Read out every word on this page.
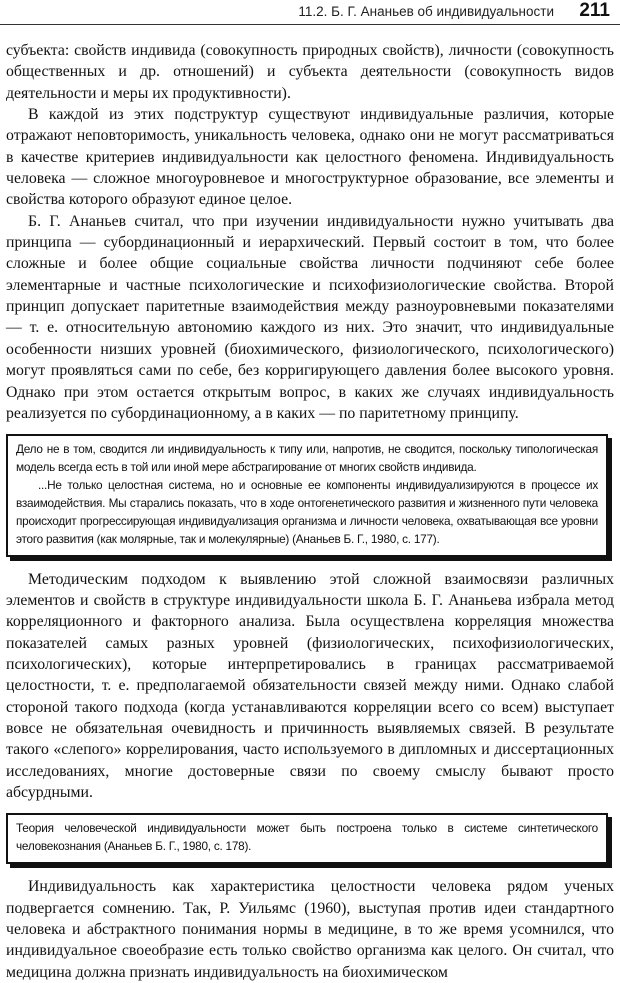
11.2. Б. Г. Ананьев об индивидуальности 211

субъекта: свойств индивида (совокупность природных свойств), личности (совокупность общественных и др. отношений) и субъекта деятельности (совокупность видов деятельности и меры их продуктивности).

В каждой из этих подструктур существуют индивидуальные различия, которые отражают неповторимость, уникальность человека, однако они не могут рассматриваться в качестве критериев индивидуальности как целостного феномена. Индивидуальность человека — сложное многоуровневое и многоструктурное образование, все элементы и свойства которого образуют единое целое.

Б. Г. Ананьев считал, что при изучении индивидуальности нужно учитывать два принципа — субординационный и иерархический. Первый состоит в том, что более сложные и более общие социальные свойства личности подчиняют себе более элементарные и частные психологические и психофизиологические свойства. Второй принцип допускает паритетные взаимодействия между разноуровневыми показателями — т. е. относительную автономию каждого из них. Это значит, что индивидуальные особенности низших уровней (биохимического, физиологического, психологического) могут проявляться сами по себе, без корригирующего давления более высокого уровня. Однако при этом остается открытым вопрос, в каких же случаях индивидуальность реализуется по субординационному, а в каких — по паритетному принципу.

Дело не в том, сводится ли индивидуальность к типу или, напротив, не сводится, поскольку типологическая модель всегда есть в той или иной мере абстрагирование от многих свойств индивида.

...Не только целостная система, но и основные ее компоненты индивидуализируются в процессе их взаимодействия. Мы старались показать, что в ходе онтогенетического развития и жизненного пути человека происходит прогрессирующая индивидуализация организма и личности человека, охватывающая все уровни этого развития (как молярные, так и молекулярные) (Ананьев Б. Г., 1980, с. 177).

Методическим подходом к выявлению этой сложной взаимосвязи различных элементов и свойств в структуре индивидуальности школа Б. Г. Ананьева избрала метод корреляционного и факторного анализа. Была осуществлена корреляция множества показателей самых разных уровней (физиологических, психофизиологических, психологических), которые интерпретировались в границах рассматриваемой целостности, т. е. предполагаемой обязательности связей между ними. Однако слабой стороной такого подхода (когда устанавливаются корреляции всего со всем) выступает вовсе не обязательная очевидность и причинность выявляемых связей. В результате такого «слепого» коррелирования, часто используемого в дипломных и диссертационных исследованиях, многие достоверные связи по своему смыслу бывают просто абсурдными.

Теория человеческой индивидуальности может быть построена только в системе синтетического человекознания (Ананьев Б. Г., 1980, с. 178).

Индивидуальность как характеристика целостности человека рядом ученых подвергается сомнению. Так, Р. Уильямс (1960), выступая против идеи стандартного человека и абстрактного понимания нормы в медицине, в то же время усомнился, что индивидуальное своеобразие есть только свойство организма как целого. Он считал, что медицина должна признать индивидуальность на биохимическом
